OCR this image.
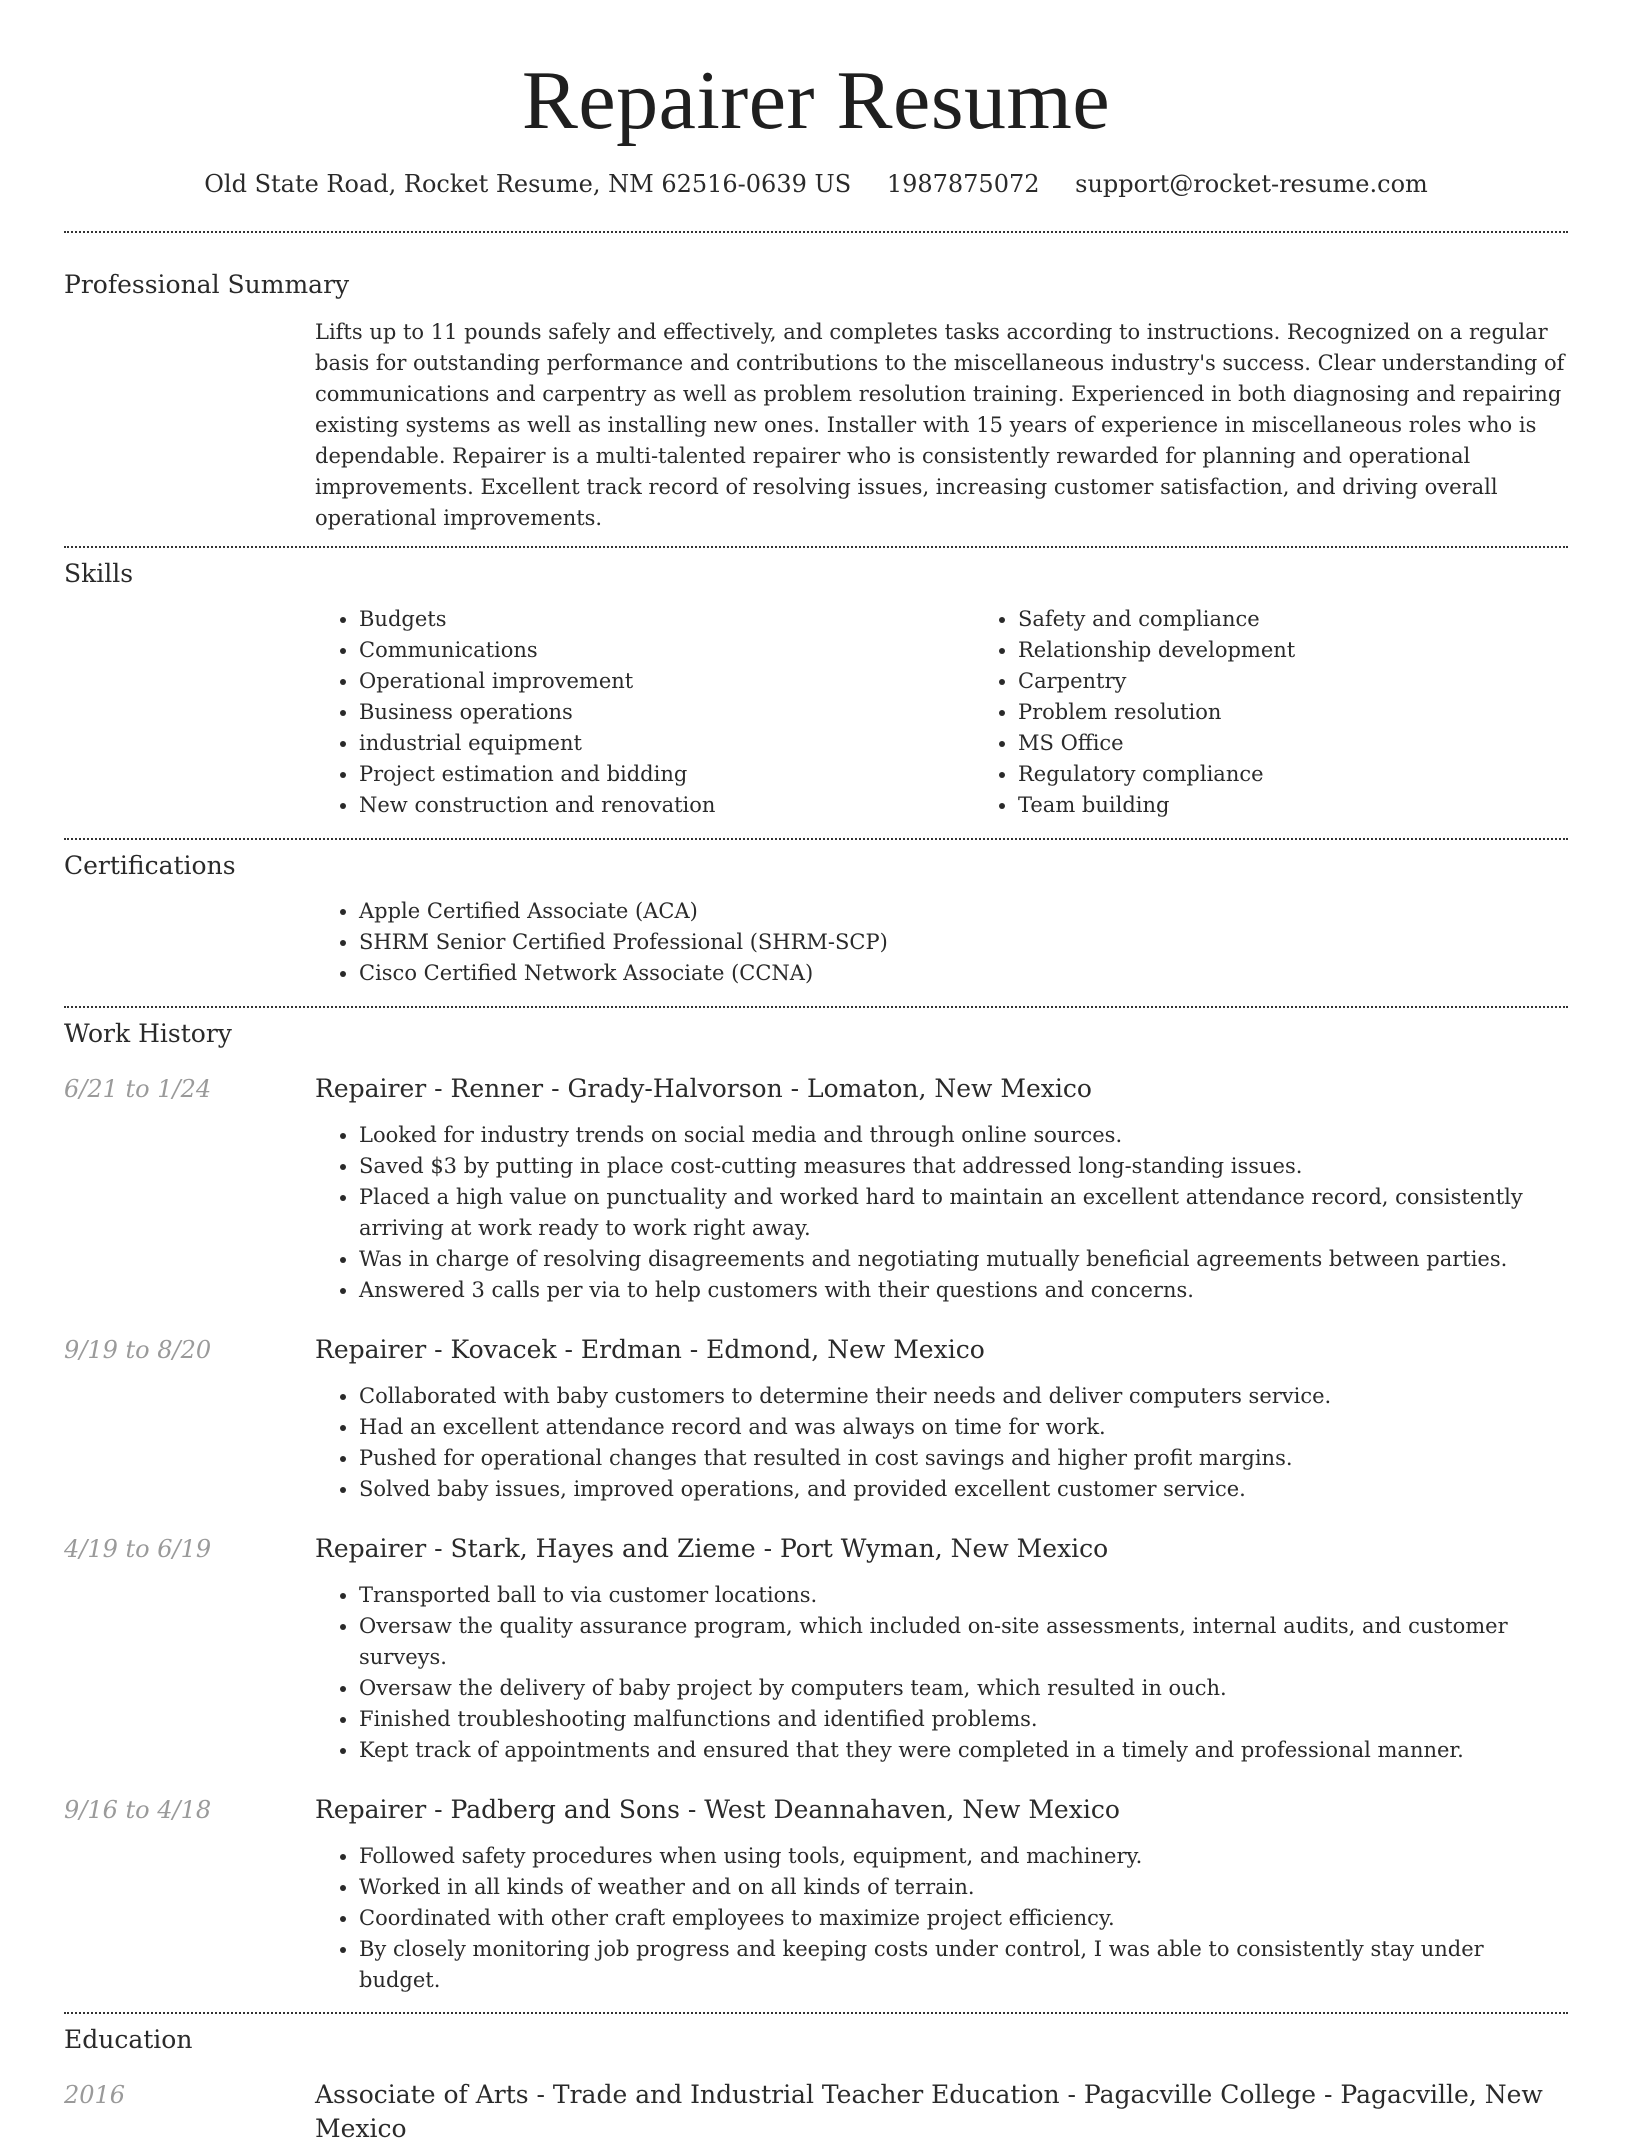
Repairer Resume
Old State Road, Rocket Resume, NM 62516-0639 US 1987875072 support@rocket-resume.com
Professional Summary

Lifts up to 11 pounds safely and effectively, and completes tasks according to instructions. Recognized on a regular basis for outstanding performance and contributions to the miscellaneous industry's success. Clear understanding of communications and carpentry as well as problem resolution training. Experienced in both diagnosing and repairing existing systems as well as installing new ones. Installer with 15 years of experience in miscellaneous roles who is dependable. Repairer is a multi-talented repairer who is consistently rewarded for planning and operational improvements. Excellent track record of resolving issues, increasing customer satisfaction, and driving overall operational improvements.

Skills
• Budgets
• Communications
• Operational improvement
• Business operations
• industrial equipment
• Project estimation and bidding
• New construction and renovation
• Safety and compliance
• Relationship development
• Carpentry
• Problem resolution
• MS Office
• Regulatory compliance
• Team building
Certifications
• Apple Certified Associate (ACA)
• SHRM Senior Certified Professional (SHRM-SCP)
• Cisco Certified Network Associate (CCNA)
Work History
6/21 to 1/24	Repairer - Renner - Grady-Halvorson - Lomaton, New Mexico
• Looked for industry trends on social media and through online sources.
• Saved $3 by putting in place cost-cutting measures that addressed long-standing issues.
• Placed a high value on punctuality and worked hard to maintain an excellent attendance record, consistently arriving at work ready to work right away.
• Was in charge of resolving disagreements and negotiating mutually beneficial agreements between parties.
• Answered 3 calls per via to help customers with their questions and concerns.
9/19 to 8/20	Repairer - Kovacek - Erdman - Edmond, New Mexico
• Collaborated with baby customers to determine their needs and deliver computers service.
• Had an excellent attendance record and was always on time for work.
• Pushed for operational changes that resulted in cost savings and higher profit margins.
• Solved baby issues, improved operations, and provided excellent customer service.
4/19 to 6/19	Repairer - Stark, Hayes and Zieme - Port Wyman, New Mexico
• Transported ball to via customer locations.
• Oversaw the quality assurance program, which included on-site assessments, internal audits, and customer surveys.
• Oversaw the delivery of baby project by computers team, which resulted in ouch.
• Finished troubleshooting malfunctions and identified problems.
• Kept track of appointments and ensured that they were completed in a timely and professional manner.
9/16 to 4/18	Repairer - Padberg and Sons - West Deannahaven, New Mexico
• Followed safety procedures when using tools, equipment, and machinery.
• Worked in all kinds of weather and on all kinds of terrain.
• Coordinated with other craft employees to maximize project efficiency.
• By closely monitoring job progress and keeping costs under control, I was able to consistently stay under budget.
Education
2016	Associate of Arts - Trade and Industrial Teacher Education - Pagacville College - Pagacville, New Mexico
